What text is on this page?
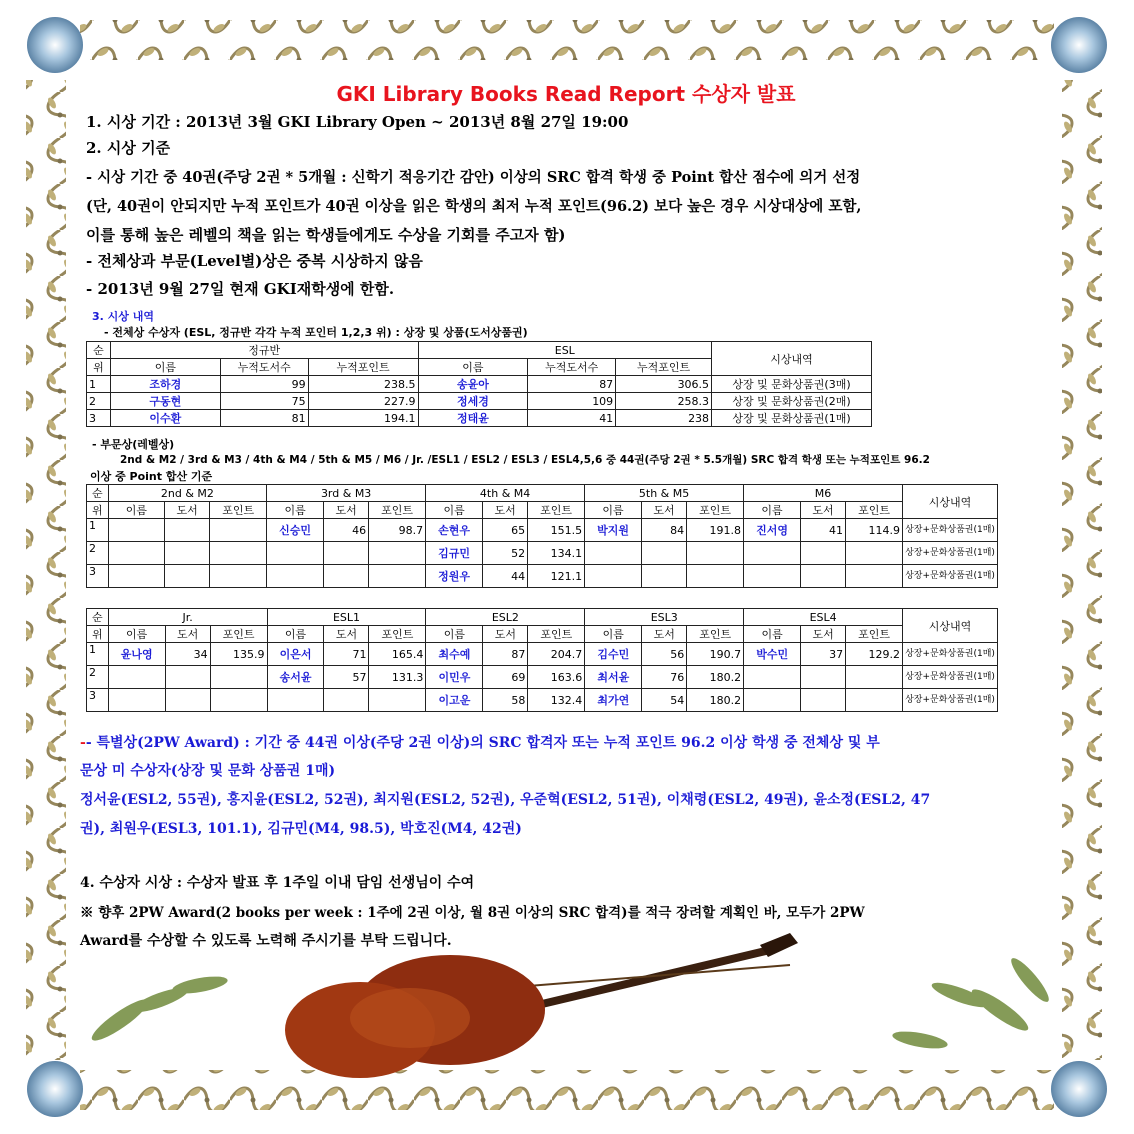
GKI Library Books Read Report 수상자 발표
1. 시상 기간 : 2013년 3월 GKI Library Open ~ 2013년 8월 27일 19:00
2. 시상 기준
- 시상 기간 중 40권(주당 2권 * 5개월 : 신학기 적응기간 감안) 이상의 SRC 합격 학생 중 Point 합산 점수에 의거 선정
(단, 40권이 안되지만 누적 포인트가 40권 이상을 읽은 학생의 최저 누적 포인트(96.2) 보다 높은 경우 시상대상에 포함,
이를 통해 높은 레벨의 책을 읽는 학생들에게도 수상을 기회를 주고자 함)
- 전체상과 부문(Level별)상은 중복 시상하지 않음
- 2013년 9월 27일 현재 GKI재학생에 한함.
3. 시상 내역
- 전체상 수상자 (ESL, 정규반 각각 누적 포인터 1,2,3 위) : 상장 및 상품(도서상품권)
순	정규반			ESL			시상내역
위	이름	누적도서수	누적포인트	이름	누적도서수	누적포인트	
1	조하경	99	238.5	송윤아	87	306.5	상장 및 문화상품권(3매)
2	구동현	75	227.9	정세경	109	258.3	상장 및 문화상품권(2매)
3	이수환	81	194.1	정태윤	41	238	상장 및 문화상품권(1매)
- 부문상(레벨상)
2nd & M2 / 3rd & M3 / 4th & M4 / 5th & M5 / M6 / Jr. /ESL1 / ESL2 / ESL3 / ESL4,5,6 중 44권(주당 2권 * 5.5개월) SRC 합격 학생 또는 누적포인트 96.2
이상 중 Point 합산 기준
순	2nd & M2			3rd & M3			4th & M4			5th & M5			M6			시상내역
위	이름	도서	포인트	이름	도서	포인트	이름	도서	포인트	이름	도서	포인트	이름	도서	포인트	
1				신승민	46	98.7	손현우	65	151.5	박지원	84	191.8	진서영	41	114.9	상장+문화상품권(1매)
2							김규민	52	134.1							상장+문화상품권(1매)
3							정원우	44	121.1							상장+문화상품권(1매)
순	Jr.			ESL1			ESL2			ESL3			ESL4			시상내역
위	이름	도서	포인트	이름	도서	포인트	이름	도서	포인트	이름	도서	포인트	이름	도서	포인트	
1	윤나영	34	135.9	이은서	71	165.4	최수예	87	204.7	김수민	56	190.7	박수민	37	129.2	상장+문화상품권(1매)
2				송서윤	57	131.3	이민우	69	163.6	최서윤	76	180.2				상장+문화상품권(1매)
3							이고운	58	132.4	최가연	54	180.2				상장+문화상품권(1매)
-- 특별상(2PW Award) : 기간 중 44권 이상(주당 2권 이상)의 SRC 합격자 또는 누적 포인트 96.2 이상 학생 중 전체상 및 부
문상 미 수상자(상장 및 문화 상품권 1매)
정서윤(ESL2, 55권), 홍지윤(ESL2, 52권), 최지원(ESL2, 52권), 우준혁(ESL2, 51권), 이채령(ESL2, 49권), 윤소정(ESL2, 47
권), 최원우(ESL3, 101.1), 김규민(M4, 98.5), 박호진(M4, 42권)
4. 수상자 시상 : 수상자 발표 후 1주일 이내 담임 선생님이 수여
※ 향후 2PW Award(2 books per week : 1주에 2권 이상, 월 8권 이상의 SRC 합격)를 적극 장려할 계획인 바, 모두가 2PW
Award를 수상할 수 있도록 노력해 주시기를 부탁 드립니다.
